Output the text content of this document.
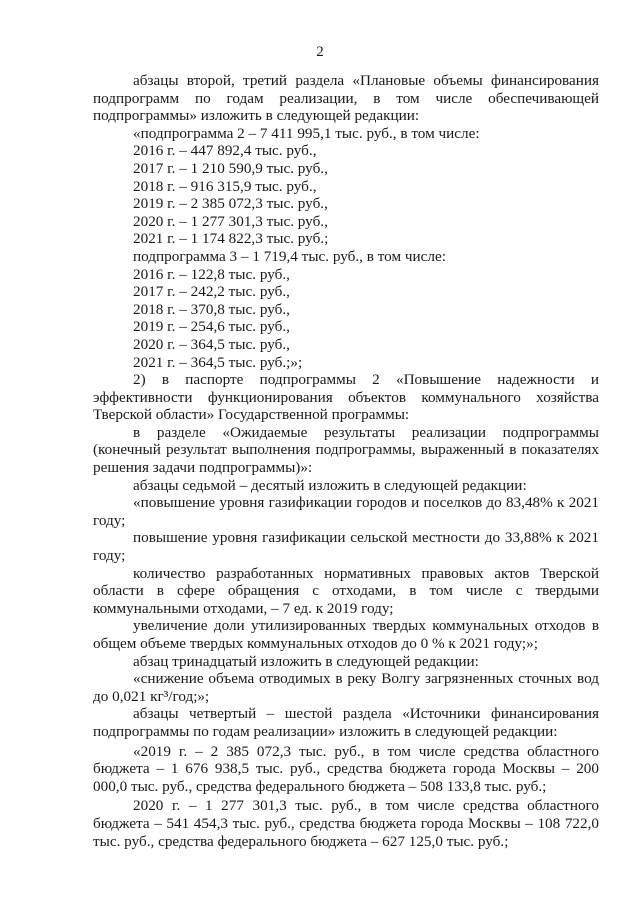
2

абзацы второй, третий раздела «Плановые объемы финансирования подпрограмм по годам реализации, в том числе обеспечивающей подпрограммы» изложить в следующей редакции:

«подпрограмма 2 – 7 411 995,1 тыс. руб., в том числе:

2016 г. – 447 892,4 тыс. руб.,

2017 г. – 1 210 590,9 тыс. руб.,

2018 г. – 916 315,9 тыс. руб.,

2019 г. – 2 385 072,3 тыс. руб.,

2020 г. – 1 277 301,3 тыс. руб.,

2021 г. – 1 174 822,3 тыс. руб.;

подпрограмма 3 – 1 719,4 тыс. руб., в том числе:

2016 г. – 122,8 тыс. руб.,

2017 г. – 242,2 тыс. руб.,

2018 г. – 370,8 тыс. руб.,

2019 г. – 254,6 тыс. руб.,

2020 г. – 364,5 тыс. руб.,

2021 г. – 364,5 тыс. руб.;»;

2) в паспорте подпрограммы 2 «Повышение надежности и эффективности функционирования объектов коммунального хозяйства Тверской области» Государственной программы:

в разделе «Ожидаемые результаты реализации подпрограммы (конечный результат выполнения подпрограммы, выраженный в показателях решения задачи подпрограммы)»:

абзацы седьмой – десятый изложить в следующей редакции:

«повышение уровня газификации городов и поселков до 83,48% к 2021 году;

повышение уровня газификации сельской местности до 33,88% к 2021 году;

количество разработанных нормативных правовых актов Тверской области в сфере обращения с отходами, в том числе с твердыми коммунальными отходами, – 7 ед. к 2019 году;

увеличение доли утилизированных твердых коммунальных отходов в общем объеме твердых коммунальных отходов до 0 % к 2021 году;»;

абзац тринадцатый изложить в следующей редакции:

«снижение объема отводимых в реку Волгу загрязненных сточных вод до 0,021 кг³/год;»;

абзацы четвертый – шестой раздела «Источники финансирования подпрограммы по годам реализации» изложить в следующей редакции:

«2019 г. – 2 385 072,3 тыс. руб., в том числе средства областного бюджета – 1 676 938,5 тыс. руб., средства бюджета города Москвы – 200 000,0 тыс. руб., средства федерального бюджета – 508 133,8 тыс. руб.;

2020 г. – 1 277 301,3 тыс. руб., в том числе средства областного бюджета – 541 454,3 тыс. руб., средства бюджета города Москвы – 108 722,0 тыс. руб., средства федерального бюджета – 627 125,0 тыс. руб.;
